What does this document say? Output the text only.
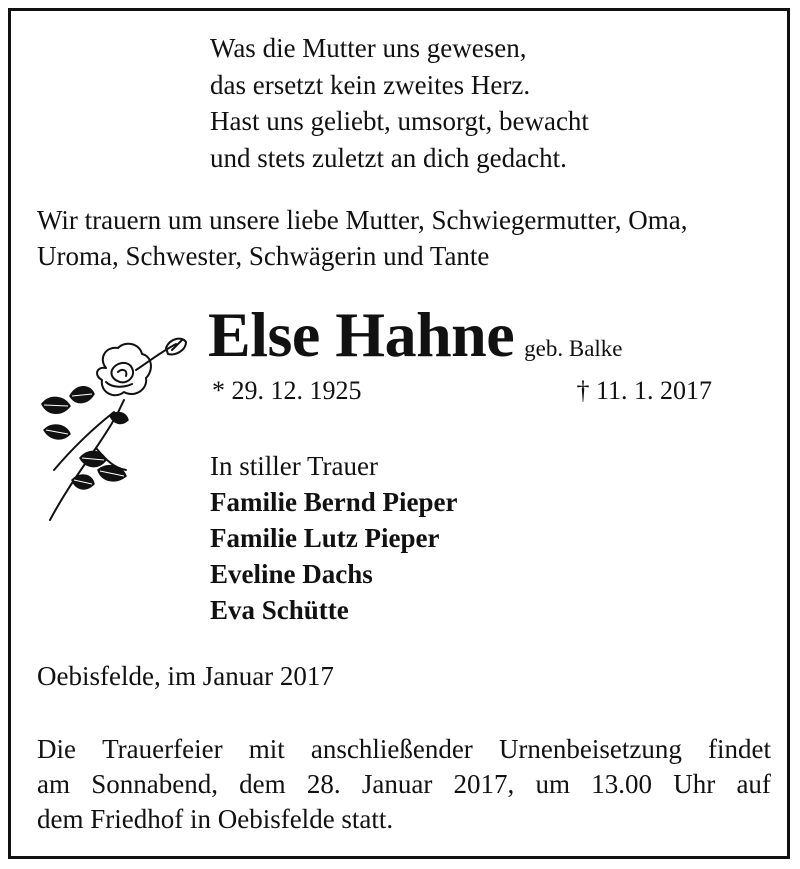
Was die Mutter uns gewesen,
das ersetzt kein zweites Herz.
Hast uns geliebt, umsorgt, bewacht
und stets zuletzt an dich gedacht.
Wir trauern um unsere liebe Mutter, Schwiegermutter, Oma,
Uroma, Schwester, Schwägerin und Tante
Else Hahne geb. Balke
* 29. 12. 1925	† 11. 1. 2017
In stiller Trauer
Familie Bernd Pieper
Familie Lutz Pieper
Eveline Dachs
Eva Schütte
Oebisfelde, im Januar 2017
Die Trauerfeier mit anschließender Urnenbeisetzung findet
am Sonnabend, dem 28. Januar 2017, um 13.00 Uhr auf
dem Friedhof in Oebisfelde statt.
